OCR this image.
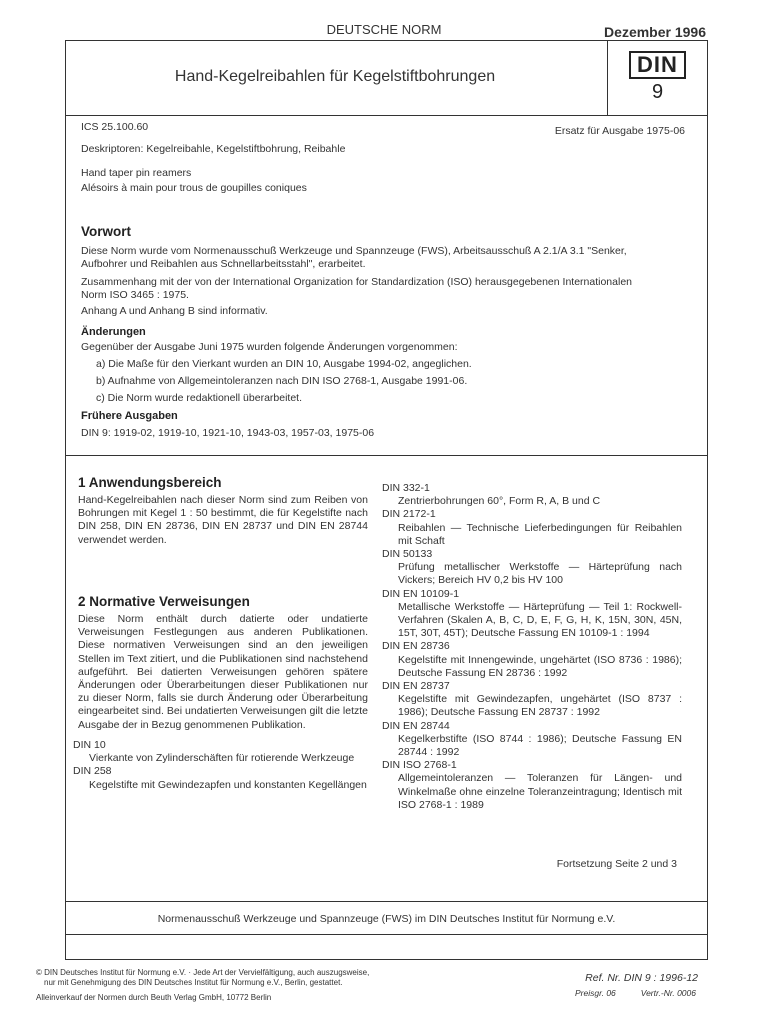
DEUTSCHE NORM	Dezember 1996
Hand-Kegelreibahlen für Kegelstiftbohrungen	DIN
9
ICS 25.100.60	Ersatz für Ausgabe 1975-06
Deskriptoren: Kegelreibahle, Kegelstiftbohrung, Reibahle
Hand taper pin reamers
Alésoirs à main pour trous de goupilles coniques
Vorwort
Diese Norm wurde vom Normenausschuß Werkzeuge und Spannzeuge (FWS), Arbeitsausschuß A 2.1/A 3.1 "Senker,
Aufbohrer und Reibahlen aus Schnellarbeitsstahl", erarbeitet.
Zusammenhang mit der von der International Organization for Standardization (ISO) herausgegebenen Internationalen
Norm ISO 3465 : 1975.
Anhang A und Anhang B sind informativ.
Änderungen
Gegenüber der Ausgabe Juni 1975 wurden folgende Änderungen vorgenommen:
a) Die Maße für den Vierkant wurden an DIN 10, Ausgabe 1994-02, angeglichen.
b) Aufnahme von Allgemeintoleranzen nach DIN ISO 2768-1, Ausgabe 1991-06.
c) Die Norm wurde redaktionell überarbeitet.
Frühere Ausgaben
DIN 9: 1919-02, 1919-10, 1921-10, 1943-03, 1957-03, 1975-06
1 Anwendungsbereich
Hand-Kegelreibahlen nach dieser Norm sind zum Reiben von Bohrungen mit Kegel 1 : 50 bestimmt, die für Kegelstifte nach DIN 258, DIN EN 28736, DIN EN 28737 und DIN EN 28744 verwendet werden.
2 Normative Verweisungen
Diese Norm enthält durch datierte oder undatierte Verweisungen Festlegungen aus anderen Publikationen. Diese normativen Verweisungen sind an den jeweiligen Stellen im Text zitiert, und die Publikationen sind nachstehend aufgeführt. Bei datierten Verweisungen gehören spätere Änderungen oder Überarbeitungen dieser Publikationen nur zu dieser Norm, falls sie durch Änderung oder Überarbeitung eingearbeitet sind. Bei undatierten Verweisungen gilt die letzte Ausgabe der in Bezug genommenen Publikation.
DIN 10
Vierkante von Zylinderschäften für rotierende Werkzeuge
DIN 258
Kegelstifte mit Gewindezapfen und konstanten Kegellängen
DIN 332-1
Zentrierbohrungen 60°, Form R, A, B und C
DIN 2172-1
Reibahlen — Technische Lieferbedingungen für Reibahlen mit Schaft
DIN 50133
Prüfung metallischer Werkstoffe — Härteprüfung nach Vickers; Bereich HV 0,2 bis HV 100
DIN EN 10109-1
Metallische Werkstoffe — Härteprüfung — Teil 1: Rockwell-Verfahren (Skalen A, B, C, D, E, F, G, H, K, 15N, 30N, 45N, 15T, 30T, 45T); Deutsche Fassung EN 10109-1 : 1994
DIN EN 28736
Kegelstifte mit Innengewinde, ungehärtet (ISO 8736 : 1986); Deutsche Fassung EN 28736 : 1992
DIN EN 28737
Kegelstifte mit Gewindezapfen, ungehärtet (ISO 8737 : 1986); Deutsche Fassung EN 28737 : 1992
DIN EN 28744
Kegelkerbstifte (ISO 8744 : 1986); Deutsche Fassung EN 28744 : 1992
DIN ISO 2768-1
Allgemeintoleranzen — Toleranzen für Längen- und Winkelmaße ohne einzelne Toleranzeintragung; Identisch mit ISO 2768-1 : 1989
Fortsetzung Seite 2 und 3
Normenausschuß Werkzeuge und Spannzeuge (FWS) im DIN Deutsches Institut für Normung e.V.
© DIN Deutsches Institut für Normung e.V. · Jede Art der Vervielfältigung, auch auszugsweise,
nur mit Genehmigung des DIN Deutsches Institut für Normung e.V., Berlin, gestattet.
Alleinverkauf der Normen durch Beuth Verlag GmbH, 10772 Berlin
Ref. Nr. DIN 9 : 1996-12
Preisgr. 06	Vertr.-Nr. 0006
